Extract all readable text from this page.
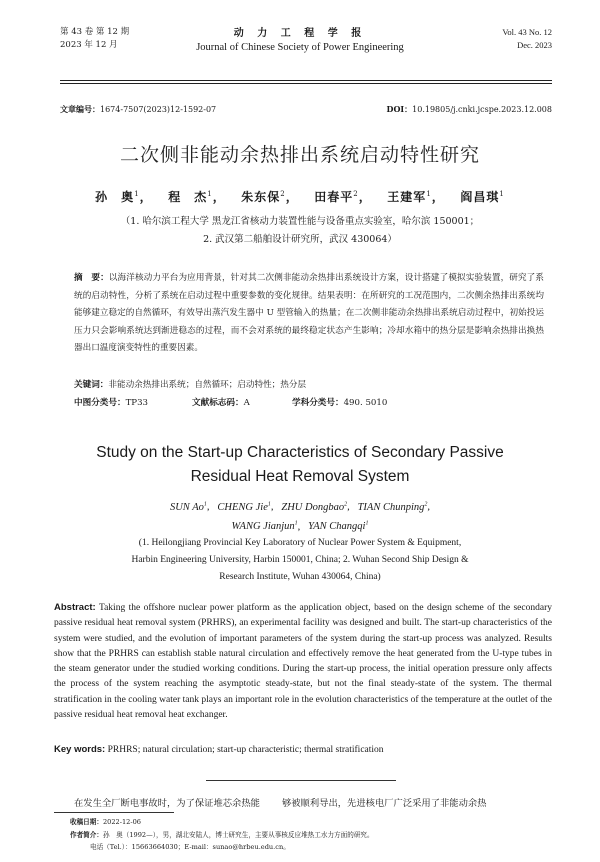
第 43 卷 第 12 期
2023 年 12 月
动 力 工 程 学 报
Journal of Chinese Society of Power Engineering
Vol. 43 No. 12
Dec. 2023
文章编号：1674-7507(2023)12-1592-07	DOI：10.19805/j.cnki.jcspe.2023.12.008
二次侧非能动余热排出系统启动特性研究
孙　奥$^1$，   程　杰$^1$，   朱东保$^2$，   田春平$^2$，   王建军$^1$，   阎昌琪$^1$
（1. 哈尔滨工程大学 黑龙江省核动力装置性能与设备重点实验室，哈尔滨 150001；
2. 武汉第二船舶设计研究所，武汉 430064）
摘　要：以海洋核动力平台为应用背景，针对其二次侧非能动余热排出系统设计方案，设计搭建了模拟实验装置，研究了系统的启动特性，分析了系统在启动过程中重要参数的变化规律。结果表明：在所研究的工况范围内，二次侧余热排出系统均能够建立稳定的自然循环，有效导出蒸汽发生器中 U 型管输入的热量；在二次侧非能动余热排出系统启动过程中，初始投运压力只会影响系统达到渐进稳态的过程，而不会对系统的最终稳定状态产生影响；冷却水箱中的热分层是影响余热排出换热器出口温度演变特性的重要因素。
关键词：非能动余热排出系统；自然循环；启动特性；热分层
中图分类号：TP33	文献标志码：A	学科分类号：490. 5010
Study on the Start-up Characteristics of Secondary Passive
Residual Heat Removal System
SUN Ao$^1$,   CHENG Jie$^1$,   ZHU Dongbao$^2$,   TIAN Chunping$^2$,
WANG Jianjun$^1$,   YAN Changqi$^1$
(1. Heilongjiang Provincial Key Laboratory of Nuclear Power System & Equipment,
Harbin Engineering University, Harbin 150001, China; 2. Wuhan Second Ship Design &
Research Institute, Wuhan 430064, China)
Abstract: Taking the offshore nuclear power platform as the application object, based on the design scheme of the secondary passive residual heat removal system (PRHRS), an experimental facility was designed and built. The start-up characteristics of the system were studied, and the evolution of important parameters of the system during the start-up process was analyzed. Results show that the PRHRS can establish stable natural circulation and effectively remove the heat generated from the U-type tubes in the steam generator under the studied working conditions. During the start-up process, the initial operation pressure only affects the process of the system reaching the asymptotic steady-state, but not the final steady-state of the system. The thermal stratification in the cooling water tank plays an important role in the evolution characteristics of the temperature at the outlet of the passive residual heat removal heat exchanger.
Key words: PRHRS; natural circulation; start-up characteristic; thermal stratification
在发生全厂断电事故时，为了保证堆芯余热能 够被顺利导出，先进核电厂广泛采用了非能动余热
收稿日期：2022-12-06
作者简介：孙　奥（1992—），男，湖北安陆人，博士研究生，主要从事核反应堆热工水力方面的研究。
电话（Tel.）：15663664030；E-mail：sunao@hrbeu.edu.cn。
